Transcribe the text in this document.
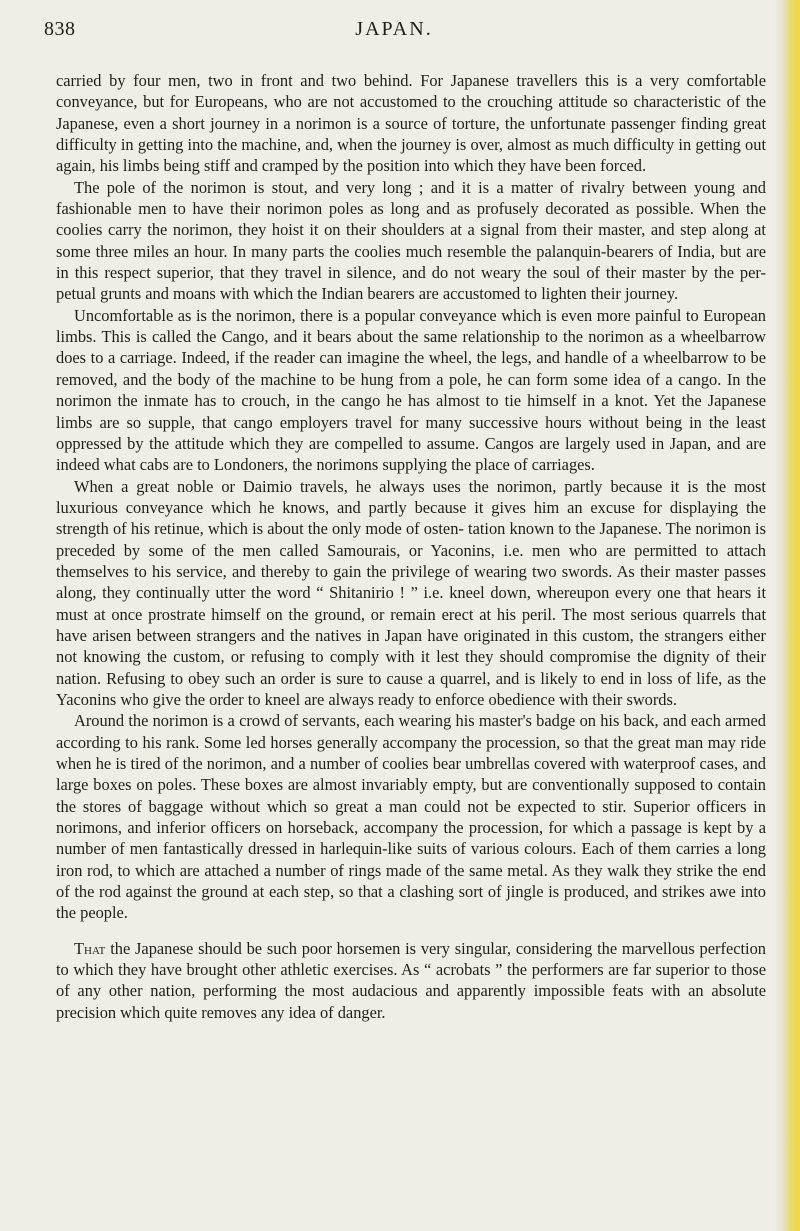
838	JAPAN.

carried by four men, two in front and two behind. For Japanese travellers this is a very comfortable conveyance, but for Europeans, who are not accustomed to the crouching attitude so characteristic of the Japanese, even a short journey in a norimon is a source of torture, the unfortunate passenger finding great difficulty in getting into the machine, and, when the journey is over, almost as much difficulty in getting out again, his limbs being stiff and cramped by the position into which they have been forced.

The pole of the norimon is stout, and very long ; and it is a matter of rivalry between young and fashionable men to have their norimon poles as long and as profusely decorated as possible. When the coolies carry the norimon, they hoist it on their shoulders at a signal from their master, and step along at some three miles an hour. In many parts the coolies much resemble the palanquin-bearers of India, but are in this respect superior, that they travel in silence, and do not weary the soul of their master by the per- petual grunts and moans with which the Indian bearers are accustomed to lighten their journey.

Uncomfortable as is the norimon, there is a popular conveyance which is even more painful to European limbs. This is called the Cango, and it bears about the same relationship to the norimon as a wheelbarrow does to a carriage. Indeed, if the reader can imagine the wheel, the legs, and handle of a wheelbarrow to be removed, and the body of the machine to be hung from a pole, he can form some idea of a cango. In the norimon the inmate has to crouch, in the cango he has almost to tie himself in a knot. Yet the Japanese limbs are so supple, that cango employers travel for many successive hours without being in the least oppressed by the attitude which they are compelled to assume. Cangos are largely used in Japan, and are indeed what cabs are to Londoners, the norimons supplying the place of carriages.

When a great noble or Daimio travels, he always uses the norimon, partly because it is the most luxurious conveyance which he knows, and partly because it gives him an excuse for displaying the strength of his retinue, which is about the only mode of osten- tation known to the Japanese. The norimon is preceded by some of the men called Samourais, or Yaconins, i.e. men who are permitted to attach themselves to his service, and thereby to gain the privilege of wearing two swords. As their master passes along, they continually utter the word “ Shitanirio ! ” i.e. kneel down, whereupon every one that hears it must at once prostrate himself on the ground, or remain erect at his peril. The most serious quarrels that have arisen between strangers and the natives in Japan have originated in this custom, the strangers either not knowing the custom, or refusing to comply with it lest they should compromise the dignity of their nation. Refusing to obey such an order is sure to cause a quarrel, and is likely to end in loss of life, as the Yaconins who give the order to kneel are always ready to enforce obedience with their swords.

Around the norimon is a crowd of servants, each wearing his master's badge on his back, and each armed according to his rank. Some led horses generally accompany the procession, so that the great man may ride when he is tired of the norimon, and a number of coolies bear umbrellas covered with waterproof cases, and large boxes on poles. These boxes are almost invariably empty, but are conventionally supposed to contain the stores of baggage without which so great a man could not be expected to stir. Superior officers in norimons, and inferior officers on horseback, accompany the procession, for which a passage is kept by a number of men fantastically dressed in harlequin-like suits of various colours. Each of them carries a long iron rod, to which are attached a number of rings made of the same metal. As they walk they strike the end of the rod against the ground at each step, so that a clashing sort of jingle is produced, and strikes awe into the people.

That the Japanese should be such poor horsemen is very singular, considering the marvellous perfection to which they have brought other athletic exercises. As “ acrobats ” the performers are far superior to those of any other nation, performing the most audacious and apparently impossible feats with an absolute precision which quite removes any idea of danger.
